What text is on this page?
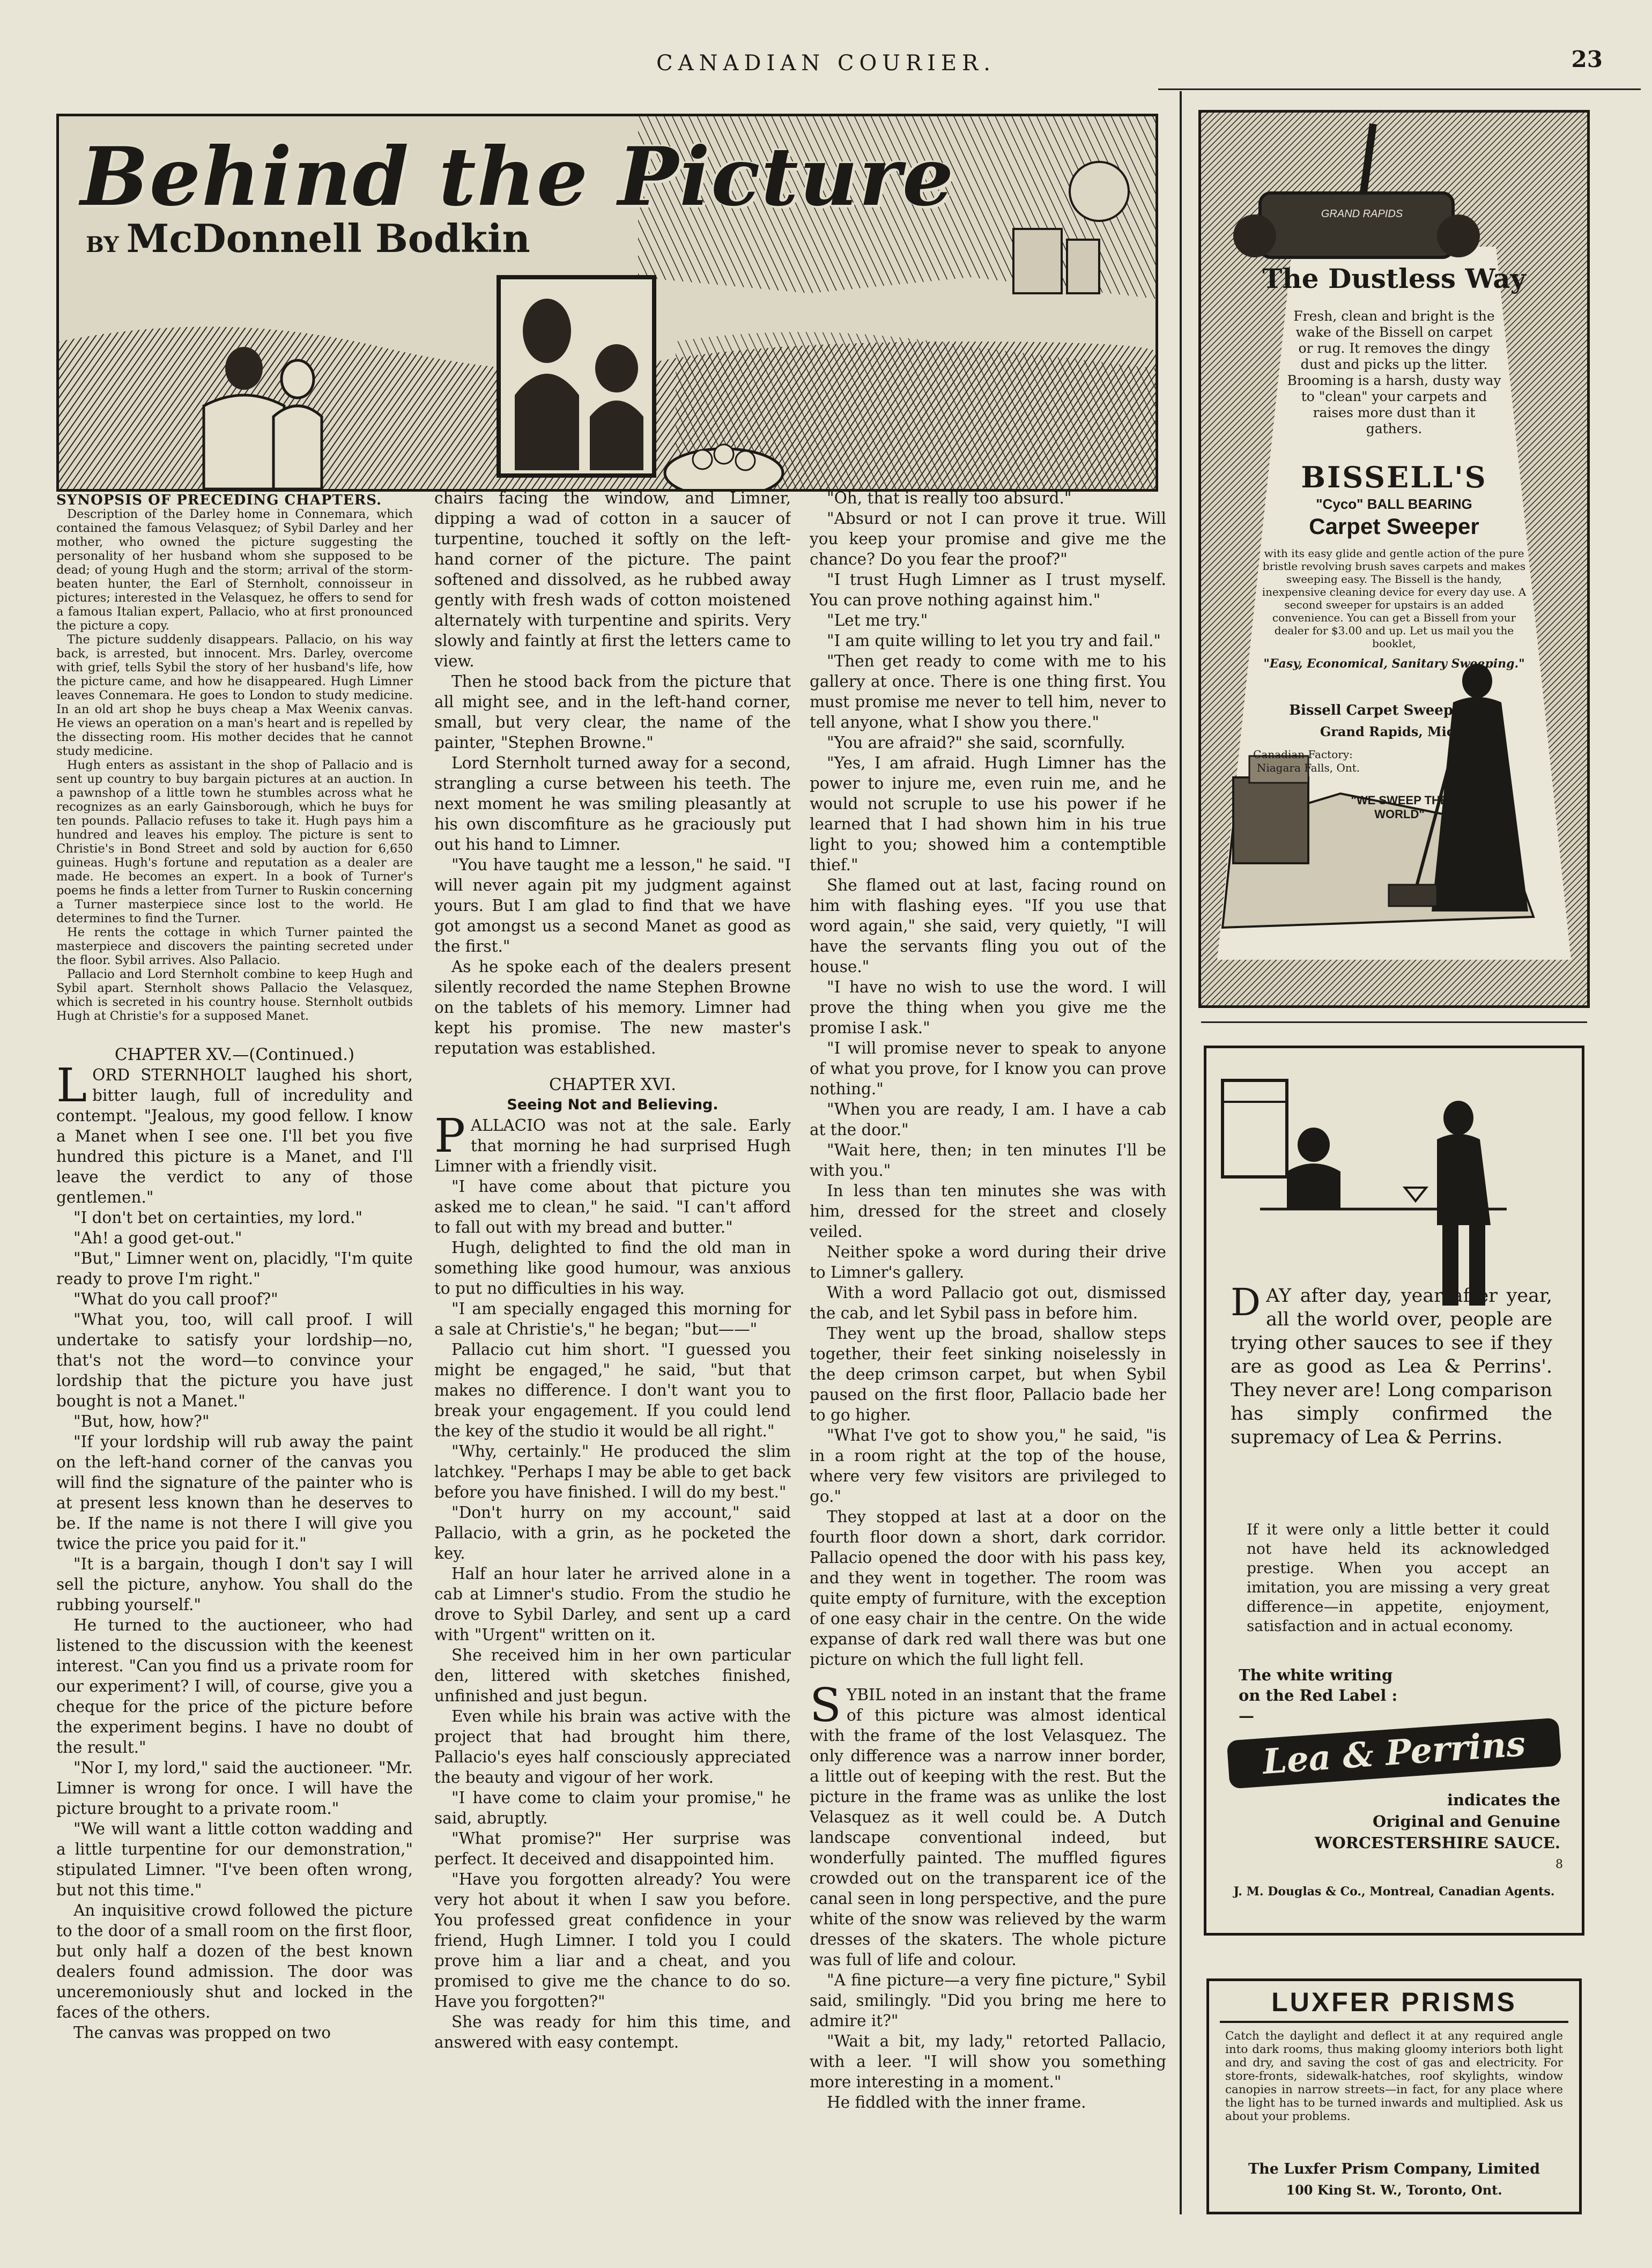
CANADIAN COURIER.	23
Behind the Picture
BY McDonnell Bodkin

SYNOPSIS OF PRECEDING CHAPTERS.

Description of the Darley home in Connemara, which contained the famous Velasquez; of Sybil Darley and her mother, who owned the picture suggesting the personality of her husband whom she supposed to be dead; of young Hugh and the storm; arrival of the storm-beaten hunter, the Earl of Sternholt, connoisseur in pictures; interested in the Velasquez, he offers to send for a famous Italian expert, Pallacio, who at first pronounced the picture a copy.

The picture suddenly disappears. Pallacio, on his way back, is arrested, but innocent. Mrs. Darley, overcome with grief, tells Sybil the story of her husband's life, how the picture came, and how he disappeared. Hugh Limner leaves Connemara. He goes to London to study medicine. In an old art shop he buys cheap a Max Weenix canvas. He views an operation on a man's heart and is repelled by the dissecting room. His mother decides that he cannot study medicine.

Hugh enters as assistant in the shop of Pallacio and is sent up country to buy bargain pictures at an auction. In a pawnshop of a little town he stumbles across what he recognizes as an early Gainsborough, which he buys for ten pounds. Pallacio refuses to take it. Hugh pays him a hundred and leaves his employ. The picture is sent to Christie's in Bond Street and sold by auction for 6,650 guineas. Hugh's fortune and reputation as a dealer are made. He becomes an expert. In a book of Turner's poems he finds a letter from Turner to Ruskin concerning a Turner masterpiece since lost to the world. He determines to find the Turner.

He rents the cottage in which Turner painted the masterpiece and discovers the painting secreted under the floor. Sybil arrives. Also Pallacio.

Pallacio and Lord Sternholt combine to keep Hugh and Sybil apart. Sternholt shows Pallacio the Velasquez, which is secreted in his country house. Sternholt outbids Hugh at Christie's for a supposed Manet.

CHAPTER XV.—(Continued.)

LORD STERNHOLT laughed his short, bitter laugh, full of incredulity and contempt. "Jealous, my good fellow. I know a Manet when I see one. I'll bet you five hundred this picture is a Manet, and I'll leave the verdict to any of those gentlemen."

"I don't bet on certainties, my lord."

"Ah! a good get-out."

"But," Limner went on, placidly, "I'm quite ready to prove I'm right."

"What do you call proof?"

"What you, too, will call proof. I will undertake to satisfy your lordship—no, that's not the word—to convince your lordship that the picture you have just bought is not a Manet."

"But, how, how?"

"If your lordship will rub away the paint on the left-hand corner of the canvas you will find the signature of the painter who is at present less known than he deserves to be. If the name is not there I will give you twice the price you paid for it."

"It is a bargain, though I don't say I will sell the picture, anyhow. You shall do the rubbing yourself."

He turned to the auctioneer, who had listened to the discussion with the keenest interest. "Can you find us a private room for our experiment? I will, of course, give you a cheque for the price of the picture before the experiment begins. I have no doubt of the result."

"Nor I, my lord," said the auctioneer. "Mr. Limner is wrong for once. I will have the picture brought to a private room."

"We will want a little cotton wadding and a little turpentine for our demonstration," stipulated Limner. "I've been often wrong, but not this time."

An inquisitive crowd followed the picture to the door of a small room on the first floor, but only half a dozen of the best known dealers found admission. The door was unceremoniously shut and locked in the faces of the others.

The canvas was propped on two

chairs facing the window, and Limner, dipping a wad of cotton in a saucer of turpentine, touched it softly on the left-hand corner of the picture. The paint softened and dissolved, as he rubbed away gently with fresh wads of cotton moistened alternately with turpentine and spirits. Very slowly and faintly at first the letters came to view.

Then he stood back from the picture that all might see, and in the left-hand corner, small, but very clear, the name of the painter, "Stephen Browne."

Lord Sternholt turned away for a second, strangling a curse between his teeth. The next moment he was smiling pleasantly at his own discomfiture as he graciously put out his hand to Limner.

"You have taught me a lesson," he said. "I will never again pit my judgment against yours. But I am glad to find that we have got amongst us a second Manet as good as the first."

As he spoke each of the dealers present silently recorded the name Stephen Browne on the tablets of his memory. Limner had kept his promise. The new master's reputation was established.

CHAPTER XVI.

Seeing Not and Believing.

PALLACIO was not at the sale. Early that morning he had surprised Hugh Limner with a friendly visit.

"I have come about that picture you asked me to clean," he said. "I can't afford to fall out with my bread and butter."

Hugh, delighted to find the old man in something like good humour, was anxious to put no difficulties in his way.

"I am specially engaged this morning for a sale at Christie's," he began; "but——"

Pallacio cut him short. "I guessed you might be engaged," he said, "but that makes no difference. I don't want you to break your engagement. If you could lend the key of the studio it would be all right."

"Why, certainly." He produced the slim latchkey. "Perhaps I may be able to get back before you have finished. I will do my best."

"Don't hurry on my account," said Pallacio, with a grin, as he pocketed the key.

Half an hour later he arrived alone in a cab at Limner's studio. From the studio he drove to Sybil Darley, and sent up a card with "Urgent" written on it.

She received him in her own particular den, littered with sketches finished, unfinished and just begun.

Even while his brain was active with the project that had brought him there, Pallacio's eyes half consciously appreciated the beauty and vigour of her work.

"I have come to claim your promise," he said, abruptly.

"What promise?" Her surprise was perfect. It deceived and disappointed him.

"Have you forgotten already? You were very hot about it when I saw you before. You professed great confidence in your friend, Hugh Limner. I told you I could prove him a liar and a cheat, and you promised to give me the chance to do so. Have you forgotten?"

She was ready for him this time, and answered with easy contempt.

"Oh, that is really too absurd."

"Absurd or not I can prove it true. Will you keep your promise and give me the chance? Do you fear the proof?"

"I trust Hugh Limner as I trust myself. You can prove nothing against him."

"Let me try."

"I am quite willing to let you try and fail."

"Then get ready to come with me to his gallery at once. There is one thing first. You must promise me never to tell him, never to tell anyone, what I show you there."

"You are afraid?" she said, scornfully.

"Yes, I am afraid. Hugh Limner has the power to injure me, even ruin me, and he would not scruple to use his power if he learned that I had shown him in his true light to you; showed him a contemptible thief."

She flamed out at last, facing round on him with flashing eyes. "If you use that word again," she said, very quietly, "I will have the servants fling you out of the house."

"I have no wish to use the word. I will prove the thing when you give me the promise I ask."

"I will promise never to speak to anyone of what you prove, for I know you can prove nothing."

"When you are ready, I am. I have a cab at the door."

"Wait here, then; in ten minutes I'll be with you."

In less than ten minutes she was with him, dressed for the street and closely veiled.

Neither spoke a word during their drive to Limner's gallery.

With a word Pallacio got out, dismissed the cab, and let Sybil pass in before him.

They went up the broad, shallow steps together, their feet sinking noiselessly in the deep crimson carpet, but when Sybil paused on the first floor, Pallacio bade her to go higher.

"What I've got to show you," he said, "is in a room right at the top of the house, where very few visitors are privileged to go."

They stopped at last at a door on the fourth floor down a short, dark corridor. Pallacio opened the door with his pass key, and they went in together. The room was quite empty of furniture, with the exception of one easy chair in the centre. On the wide expanse of dark red wall there was but one picture on which the full light fell.

SYBIL noted in an instant that the frame of this picture was almost identical with the frame of the lost Velasquez. The only difference was a narrow inner border, a little out of keeping with the rest. But the picture in the frame was as unlike the lost Velasquez as it well could be. A Dutch landscape conventional indeed, but wonderfully painted. The muffled figures crowded out on the transparent ice of the canal seen in long perspective, and the pure white of the snow was relieved by the warm dresses of the skaters. The whole picture was full of life and colour.

"A fine picture—a very fine picture," Sybil said, smilingly. "Did you bring me here to admire it?"

"Wait a bit, my lady," retorted Pallacio, with a leer. "I will show you something more interesting in a moment."

He fiddled with the inner frame.

GRAND RAPIDS
The Dustless Way
Fresh, clean and bright is the wake of the Bissell on carpet or rug. It removes the dingy dust and picks up the litter. Brooming is a harsh, dusty way to "clean" your carpets and raises more dust than it gathers.
BISSELL'S
"Cyco" BALL BEARING
Carpet Sweeper
with its easy glide and gentle action of the pure bristle revolving brush saves carpets and makes sweeping easy. The Bissell is the handy, inexpensive cleaning device for every day use. A second sweeper for upstairs is an added convenience. You can get a Bissell from your dealer for $3.00 and up. Let us mail you the booklet,
"Easy, Economical, Sanitary Sweeping."
Bissell Carpet Sweeper Co.
Grand Rapids, Mich.
Canadian Factory:
Niagara Falls, Ont.
"WE SWEEP THE WORLD"
DAY after day, year after year, all the world over, people are trying other sauces to see if they are as good as Lea & Perrins'. They never are! Long comparison has simply confirmed the supremacy of Lea & Perrins.
If it were only a little better it could not have held its acknowledged prestige. When you accept an imitation, you are missing a very great difference—in appetite, enjoyment, satisfaction and in actual economy.
The white writing on the Red Label :—
Lea & Perrins
indicates the
Original and Genuine
WORCESTERSHIRE SAUCE.
8
J. M. Douglas & Co., Montreal, Canadian Agents.
LUXFER PRISMS
Catch the daylight and deflect it at any required angle into dark rooms, thus making gloomy interiors both light and dry, and saving the cost of gas and electricity. For store-fronts, sidewalk-hatches, roof skylights, window canopies in narrow streets—in fact, for any place where the light has to be turned inwards and multiplied. Ask us about your problems.
The Luxfer Prism Company, Limited
100 King St. W., Toronto, Ont.
